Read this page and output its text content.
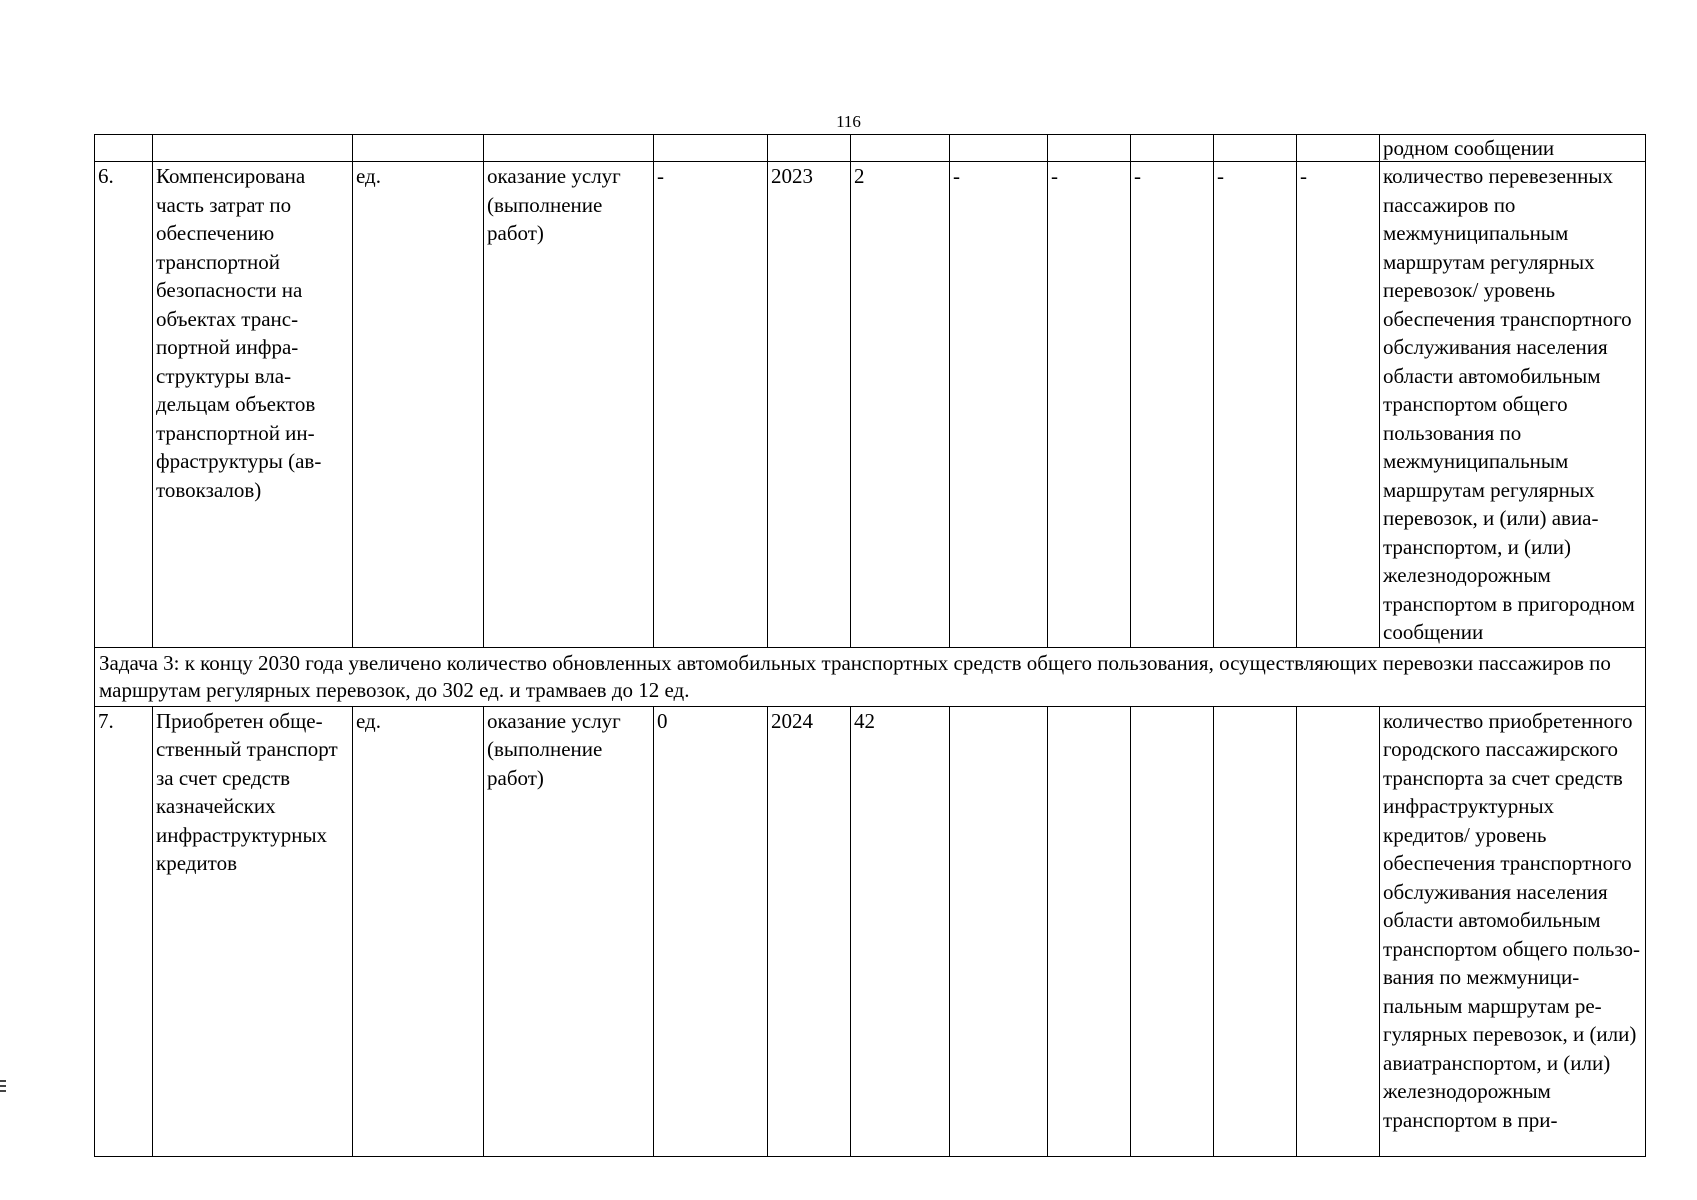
116
												родном сообщении
6.	Компенсирована часть затрат по обеспечению транспортной безопасности на объектах транспортной инфраструктуры владельцам объектов транспортной инфраструктуры (автовокзалов)	ед.	оказание услуг (выполнение работ)	-	2023	2	-	-	-	-	-	количество перевезенных пассажиров по межмуниципальным маршрутам регулярных перевозок/ уровень обеспечения транспортного обслуживания населения области автомобильным транспортом общего пользования по межмуниципальным маршрутам регулярных перевозок, и (или) авиатранспортом, и (или) железнодорожным транспортом в пригородном сообщении
Задача 3: к концу 2030 года увеличено количество обновленных автомобильных транспортных средств общего пользования, осуществляющих перевозки пассажиров по маршрутам регулярных перевозок, до 302 ед. и трамваев до 12 ед.												
7.	Приобретен общественный транспорт за счет средств казначейских инфраструктурных кредитов	ед.	оказание услуг (выполнение работ)	0	2024	42						количество приобретенного городского пассажирского транспорта за счет средств инфраструктурных кредитов/ уровень обеспечения транспортного обслуживания населения области автомобильным транспортом общего пользования по межмуниципальным маршрутам регулярных перевозок, и (или) авиатранспортом, и (или) железнодорожным транспортом в при-
